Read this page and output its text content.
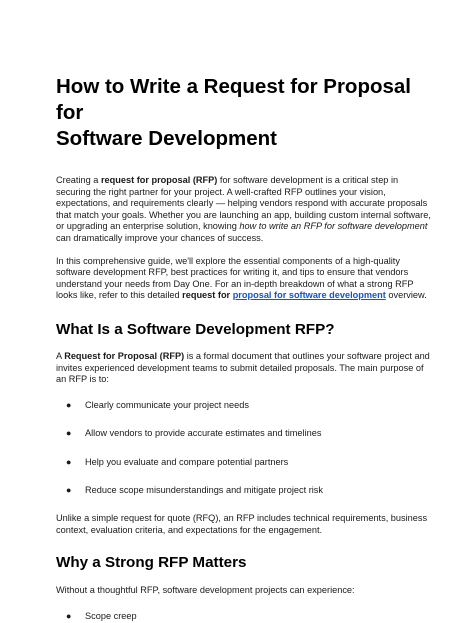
How to Write a Request for Proposal for
Software Development

Creating a request for proposal (RFP) for software development is a critical step in securing the right partner for your project. A well-crafted RFP outlines your vision, expectations, and requirements clearly — helping vendors respond with accurate proposals that match your goals. Whether you are launching an app, building custom internal software, or upgrading an enterprise solution, knowing how to write an RFP for software development can dramatically improve your chances of success.

In this comprehensive guide, we'll explore the essential components of a high-quality software development RFP, best practices for writing it, and tips to ensure that vendors understand your needs from Day One. For an in-depth breakdown of what a strong RFP looks like, refer to this detailed request for proposal for software development overview.

What Is a Software Development RFP?

A Request for Proposal (RFP) is a formal document that outlines your software project and invites experienced development teams to submit detailed proposals. The main purpose of an RFP is to:

● Clearly communicate your project needs
● Allow vendors to provide accurate estimates and timelines
● Help you evaluate and compare potential partners
● Reduce scope misunderstandings and mitigate project risk

Unlike a simple request for quote (RFQ), an RFP includes technical requirements, business context, evaluation criteria, and expectations for the engagement.

Why a Strong RFP Matters

Without a thoughtful RFP, software development projects can experience:

● Scope creep
